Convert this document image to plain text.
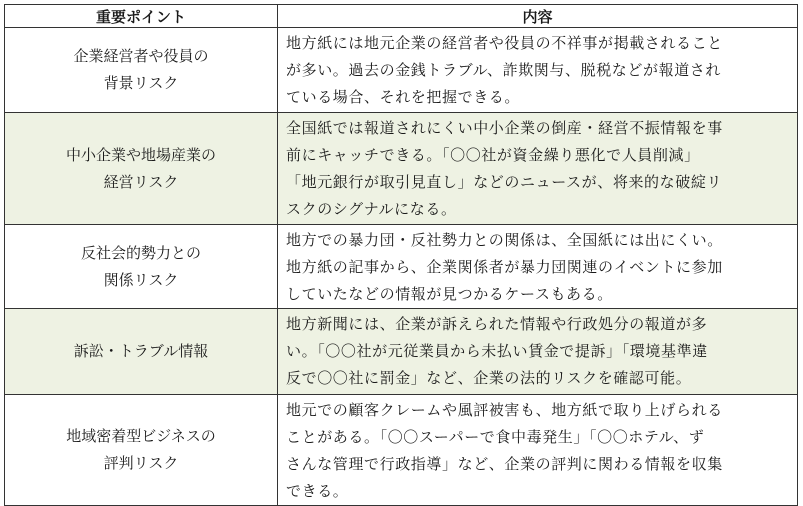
重要ポイント	内容

企業経営者や役員の
背景リスク	地方紙には地元企業の経営者や役員の不祥事が掲載されること
が多い。過去の金銭トラブル、詐欺関与、脱税などが報道され
ている場合、それを把握できる。

中小企業や地場産業の
経営リスク	全国紙では報道されにくい中小企業の倒産・経営不振情報を事
前にキャッチできる。「〇〇社が資金繰り悪化で人員削減」
「地元銀行が取引見直し」などのニュースが、将来的な破綻リ
スクのシグナルになる。

反社会的勢力との
関係リスク	地方での暴力団・反社勢力との関係は、全国紙には出にくい。
地方紙の記事から、企業関係者が暴力団関連のイベントに参加
していたなどの情報が見つかるケースもある。

訴訟・トラブル情報	地方新聞には、企業が訴えられた情報や行政処分の報道が多
い。「〇〇社が元従業員から未払い賃金で提訴」「環境基準違
反で〇〇社に罰金」など、企業の法的リスクを確認可能。

地域密着型ビジネスの
評判リスク	地元での顧客クレームや風評被害も、地方紙で取り上げられる
ことがある。「〇〇スーパーで食中毒発生」「〇〇ホテル、ず
さんな管理で行政指導」など、企業の評判に関わる情報を収集
できる。
